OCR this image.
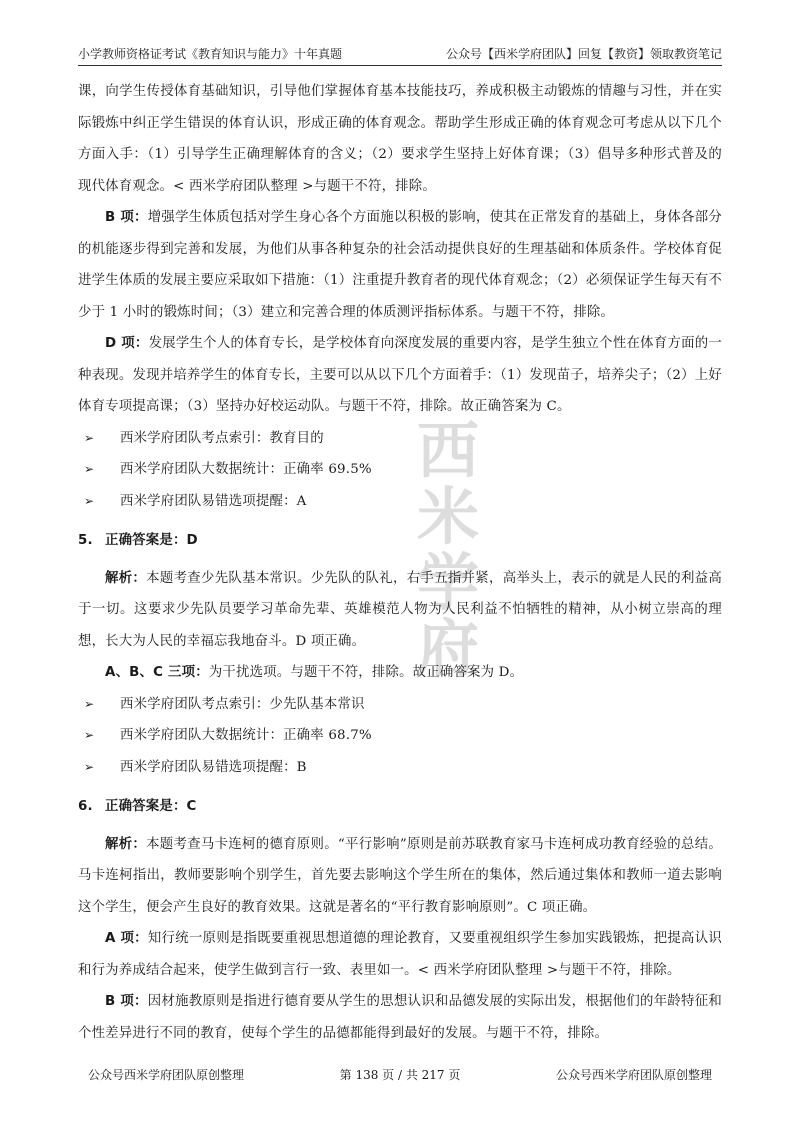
小学教师资格证考试《教育知识与能力》十年真题	公众号【西米学府团队】回复【教资】领取教资笔记
西
米
学
府

课，向学生传授体育基础知识，引导他们掌握体育基本技能技巧，养成积极主动锻炼的情趣与习性，并在实际锻炼中纠正学生错误的体育认识，形成正确的体育观念。帮助学生形成正确的体育观念可考虑从以下几个方面入手：（1）引导学生正确理解体育的含义；（2）要求学生坚持上好体育课；（3）倡导多种形式普及的现代体育观念。< 西米学府团队整理 >与题干不符，排除。

B 项：增强学生体质包括对学生身心各个方面施以积极的影响，使其在正常发育的基础上，身体各部分的机能逐步得到完善和发展，为他们从事各种复杂的社会活动提供良好的生理基础和体质条件。学校体育促进学生体质的发展主要应采取如下措施：（1）注重提升教育者的现代体育观念；（2）必须保证学生每天有不少于 1 小时的锻炼时间；（3）建立和完善合理的体质测评指标体系。与题干不符，排除。

D 项：发展学生个人的体育专长，是学校体育向深度发展的重要内容，是学生独立个性在体育方面的一种表现。发现并培养学生的体育专长，主要可以从以下几个方面着手：（1）发现苗子，培养尖子；（2）上好体育专项提高课；（3）坚持办好校运动队。与题干不符，排除。故正确答案为 C。

➢	西米学府团队考点索引：教育目的

➢	西米学府团队大数据统计：正确率 69.5%

➢	西米学府团队易错选项提醒：A

5. 正确答案是：D

解析：本题考查少先队基本常识。少先队的队礼，右手五指并紧，高举头上，表示的就是人民的利益高于一切。这要求少先队员要学习革命先辈、英雄模范人物为人民利益不怕牺牲的精神，从小树立崇高的理想，长大为人民的幸福忘我地奋斗。D 项正确。

A、B、C 三项：为干扰选项。与题干不符，排除。故正确答案为 D。

➢	西米学府团队考点索引：少先队基本常识

➢	西米学府团队大数据统计：正确率 68.7%

➢	西米学府团队易错选项提醒：B

6. 正确答案是：C

解析：本题考查马卡连柯的德育原则。“平行影响”原则是前苏联教育家马卡连柯成功教育经验的总结。马卡连柯指出，教师要影响个别学生，首先要去影响这个学生所在的集体，然后通过集体和教师一道去影响这个学生，便会产生良好的教育效果。这就是著名的“平行教育影响原则”。C 项正确。

A 项：知行统一原则是指既要重视思想道德的理论教育，又要重视组织学生参加实践锻炼，把提高认识和行为养成结合起来，使学生做到言行一致、表里如一。< 西米学府团队整理 >与题干不符，排除。

B 项：因材施教原则是指进行德育要从学生的思想认识和品德发展的实际出发，根据他们的年龄特征和个性差异进行不同的教育，使每个学生的品德都能得到最好的发展。与题干不符，排除。

公众号西米学府团队原创整理	第 138 页 / 共 217 页	公众号西米学府团队原创整理
